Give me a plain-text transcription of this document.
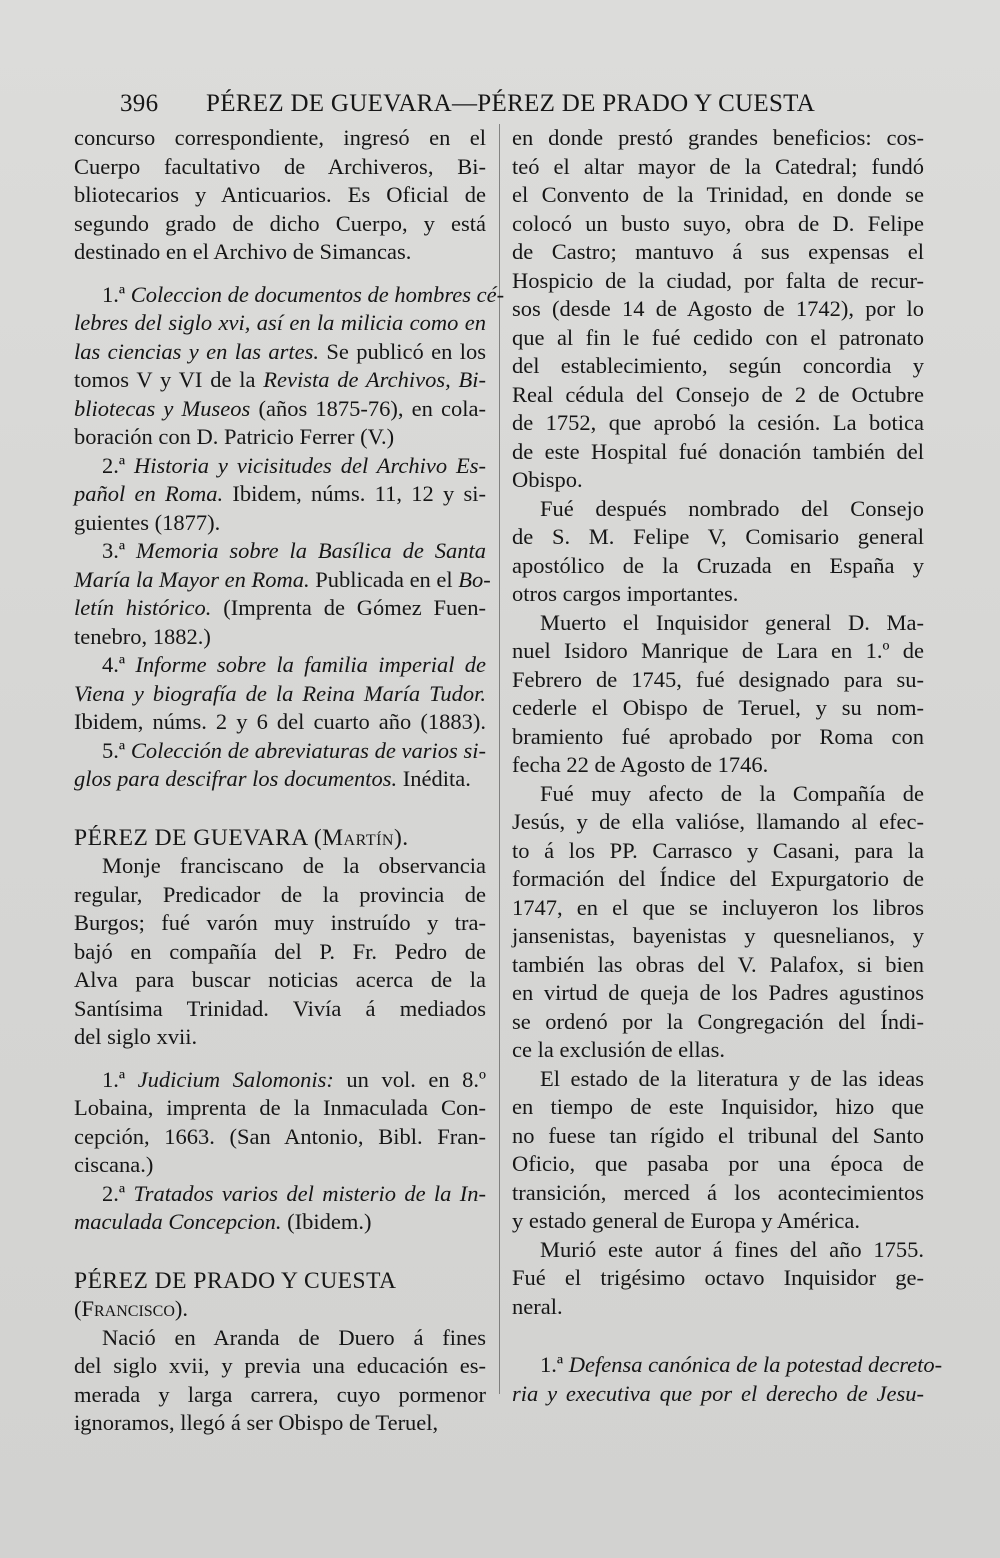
396 PÉREZ DE GUEVARA—PÉREZ DE PRADO Y CUESTA
concurso correspondiente, ingresó en el
Cuerpo facultativo de Archiveros, Bi-
bliotecarios y Anticuarios. Es Oficial de
segundo grado de dicho Cuerpo, y está
destinado en el Archivo de Simancas.
1.ª Coleccion de documentos de hombres cé-
lebres del siglo xvi, así en la milicia como en
las ciencias y en las artes. Se publicó en los
tomos V y VI de la Revista de Archivos, Bi-
bliotecas y Museos (años 1875-76), en cola-
boración con D. Patricio Ferrer (V.)
2.ª Historia y vicisitudes del Archivo Es-
pañol en Roma. Ibidem, núms. 11, 12 y si-
guientes (1877).
3.ª Memoria sobre la Basílica de Santa
María la Mayor en Roma. Publicada en el Bo-
letín histórico. (Imprenta de Gómez Fuen-
tenebro, 1882.)
4.ª Informe sobre la familia imperial de
Viena y biografía de la Reina María Tudor.
Ibidem, núms. 2 y 6 del cuarto año (1883).
5.ª Colección de abreviaturas de varios si-
glos para descifrar los documentos. Inédita.
PÉREZ DE GUEVARA (Martín).
Monje franciscano de la observancia
regular, Predicador de la provincia de
Burgos; fué varón muy instruído y tra-
bajó en compañía del P. Fr. Pedro de
Alva para buscar noticias acerca de la
Santísima Trinidad. Vivía á mediados
del siglo xvii.
1.ª Judicium Salomonis: un vol. en 8.º
Lobaina, imprenta de la Inmaculada Con-
cepción, 1663. (San Antonio, Bibl. Fran-
ciscana.)
2.ª Tratados varios del misterio de la In-
maculada Concepcion. (Ibidem.)
PÉREZ DE PRADO Y CUESTA
(Francisco).
Nació en Aranda de Duero á fines
del siglo xvii, y previa una educación es-
merada y larga carrera, cuyo pormenor
ignoramos, llegó á ser Obispo de Teruel,
en donde prestó grandes beneficios: cos-
teó el altar mayor de la Catedral; fundó
el Convento de la Trinidad, en donde se
colocó un busto suyo, obra de D. Felipe
de Castro; mantuvo á sus expensas el
Hospicio de la ciudad, por falta de recur-
sos (desde 14 de Agosto de 1742), por lo
que al fin le fué cedido con el patronato
del establecimiento, según concordia y
Real cédula del Consejo de 2 de Octubre
de 1752, que aprobó la cesión. La botica
de este Hospital fué donación también del
Obispo.
Fué después nombrado del Consejo
de S. M. Felipe V, Comisario general
apostólico de la Cruzada en España y
otros cargos importantes.
Muerto el Inquisidor general D. Ma-
nuel Isidoro Manrique de Lara en 1.º de
Febrero de 1745, fué designado para su-
cederle el Obispo de Teruel, y su nom-
bramiento fué aprobado por Roma con
fecha 22 de Agosto de 1746.
Fué muy afecto de la Compañía de
Jesús, y de ella valióse, llamando al efec-
to á los PP. Carrasco y Casani, para la
formación del Índice del Expurgatorio de
1747, en el que se incluyeron los libros
jansenistas, bayenistas y quesnelianos, y
también las obras del V. Palafox, si bien
en virtud de queja de los Padres agustinos
se ordenó por la Congregación del Índi-
ce la exclusión de ellas.
El estado de la literatura y de las ideas
en tiempo de este Inquisidor, hizo que
no fuese tan rígido el tribunal del Santo
Oficio, que pasaba por una época de
transición, merced á los acontecimientos
y estado general de Europa y América.
Murió este autor á fines del año 1755.
Fué el trigésimo octavo Inquisidor ge-
neral.
1.ª Defensa canónica de la potestad decreto-
ria y executiva que por el derecho de Jesu-
